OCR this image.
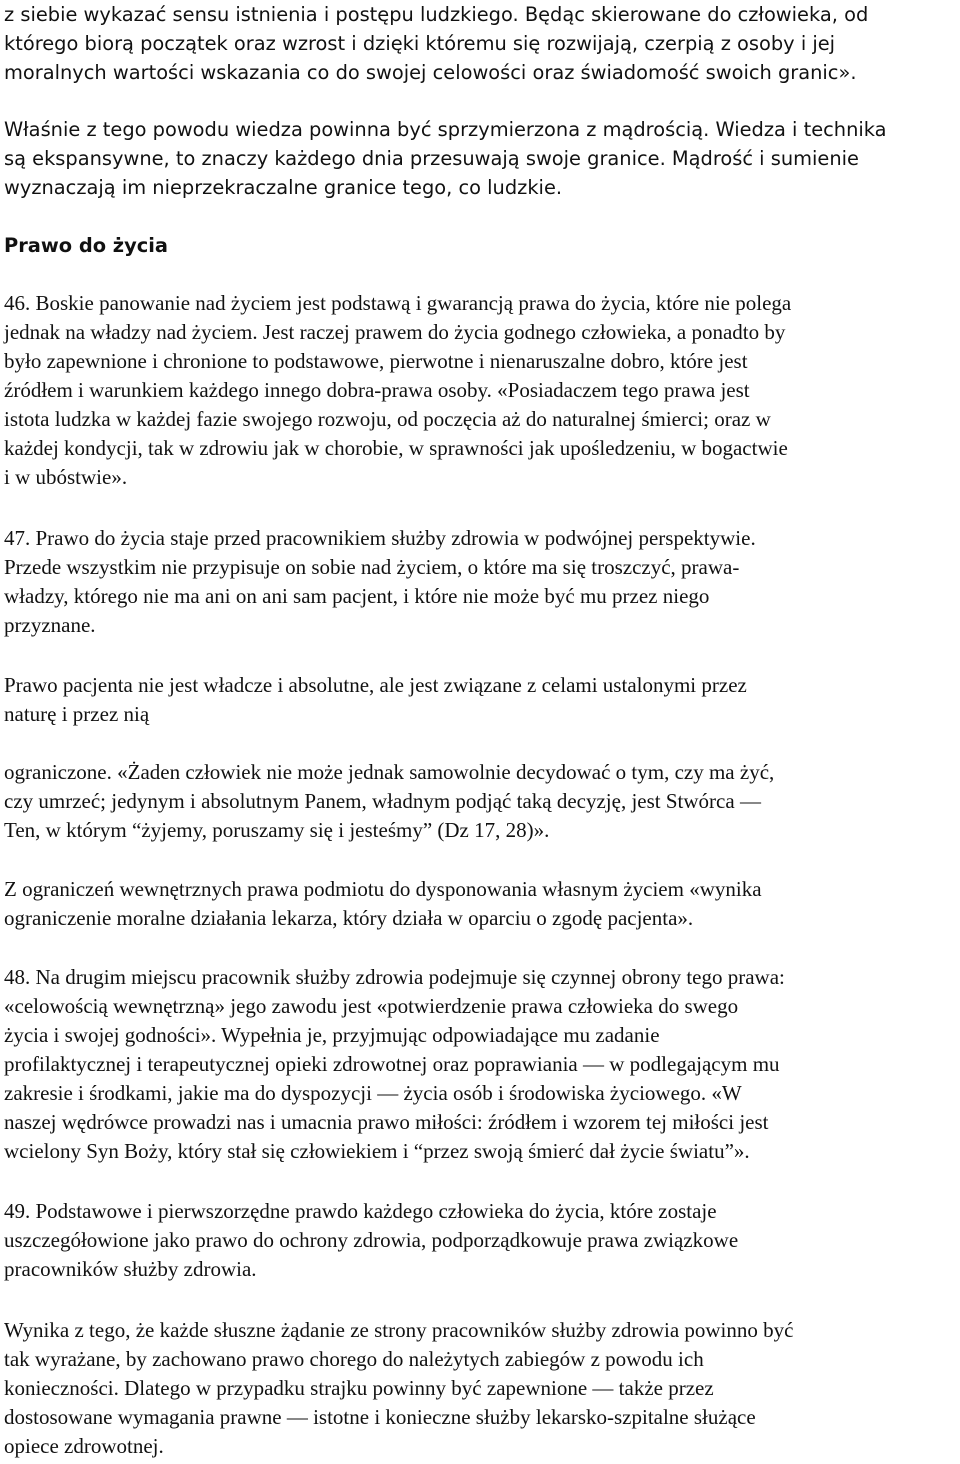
z siebie wykazać sensu istnienia i postępu ludzkiego. Będąc skierowane do człowieka, od
którego biorą początek oraz wzrost i dzięki któremu się rozwijają, czerpią z osoby i jej
moralnych wartości wskazania co do swojej celowości oraz świadomość swoich granic».
Właśnie z tego powodu wiedza powinna być sprzymierzona z mądrością. Wiedza i technika
są ekspansywne, to znaczy każdego dnia przesuwają swoje granice. Mądrość i sumienie
wyznaczają im nieprzekraczalne granice tego, co ludzkie.
Prawo do życia
46. Boskie panowanie nad życiem jest podstawą i gwarancją prawa do życia, które nie polega
jednak na władzy nad życiem. Jest raczej prawem do życia godnego człowieka, a ponadto by
było zapewnione i chronione to podstawowe, pierwotne i nienaruszalne dobro, które jest
źródłem i warunkiem każdego innego dobra-prawa osoby. «Posiadaczem tego prawa jest
istota ludzka w każdej fazie swojego rozwoju, od poczęcia aż do naturalnej śmierci; oraz w
każdej kondycji, tak w zdrowiu jak w chorobie, w sprawności jak upośledzeniu, w bogactwie
i w ubóstwie».
47. Prawo do życia staje przed pracownikiem służby zdrowia w podwójnej perspektywie.
Przede wszystkim nie przypisuje on sobie nad życiem, o które ma się troszczyć, prawa-
władzy, którego nie ma ani on ani sam pacjent, i które nie może być mu przez niego
przyznane.
Prawo pacjenta nie jest władcze i absolutne, ale jest związane z celami ustalonymi przez
naturę i przez nią
ograniczone. «Żaden człowiek nie może jednak samowolnie decydować o tym, czy ma żyć,
czy umrzeć; jedynym i absolutnym Panem, władnym podjąć taką decyzję, jest Stwórca —
Ten, w którym “żyjemy, poruszamy się i jesteśmy” (Dz 17, 28)».
Z ograniczeń wewnętrznych prawa podmiotu do dysponowania własnym życiem «wynika
ograniczenie moralne działania lekarza, który działa w oparciu o zgodę pacjenta».
48. Na drugim miejscu pracownik służby zdrowia podejmuje się czynnej obrony tego prawa:
«celowością wewnętrzną» jego zawodu jest «potwierdzenie prawa człowieka do swego
życia i swojej godności». Wypełnia je, przyjmując odpowiadające mu zadanie
profilaktycznej i terapeutycznej opieki zdrowotnej oraz poprawiania — w podlegającym mu
zakresie i środkami, jakie ma do dyspozycji — życia osób i środowiska życiowego. «W
naszej wędrówce prowadzi nas i umacnia prawo miłości: źródłem i wzorem tej miłości jest
wcielony Syn Boży, który stał się człowiekiem i “przez swoją śmierć dał życie światu”».
49. Podstawowe i pierwszorzędne prawdo każdego człowieka do życia, które zostaje
uszczegółowione jako prawo do ochrony zdrowia, podporządkowuje prawa związkowe
pracowników służby zdrowia.
Wynika z tego, że każde słuszne żądanie ze strony pracowników służby zdrowia powinno być
tak wyrażane, by zachowano prawo chorego do należytych zabiegów z powodu ich
konieczności. Dlatego w przypadku strajku powinny być zapewnione — także przez
dostosowane wymagania prawne — istotne i konieczne służby lekarsko-szpitalne służące
opiece zdrowotnej.
